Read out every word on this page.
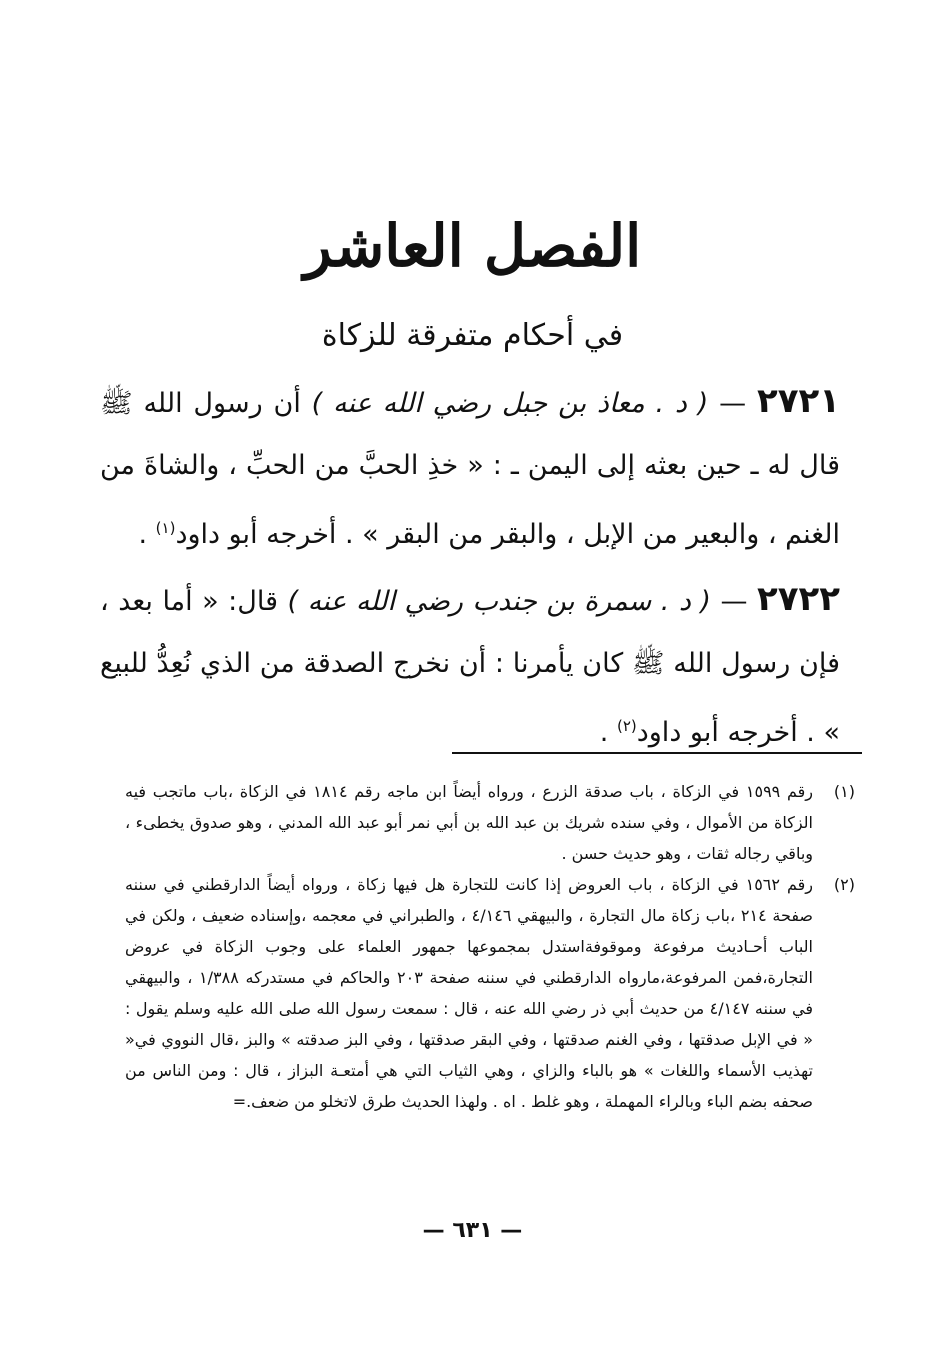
الفصل العاشر
في أحكام متفرقة للزكاة

٢٧٢١ — ( د . معاذ بن جبل رضي الله عنه ) أن رسول الله ﷺ قال له ـ حين بعثه إلى اليمن ـ : « خذِ الحبَّ من الحبِّ ، والشاةَ من الغنم ، والبعير من الإبل ، والبقر من البقر » . أخرجه أبو داود$^{(١)}$ .

٢٧٢٢ — ( د . سمرة بن جندب رضي الله عنه ) قال: « أما بعد ، فإن رسول الله ﷺ كان يأمرنا : أن نخرج الصدقة من الذي نُعِدُّ للبيع » . أخرجه أبو داود$^{(٢)}$ .

(١)
رقم ١٥٩٩ في الزكاة ، باب صدقة الزرع ، ورواه أيضاً ابن ماجه رقم ١٨١٤ في الزكاة ،باب ماتجب فيه الزكاة من الأموال ، وفي سنده شريك بن عبد الله بن أبي نمر أبو عبد الله المدني ، وهو صدوق يخطىء ، وباقي رجاله ثقات ، وهو حديث حسن .
(٢)
رقم ١٥٦٢ في الزكاة ، باب العروض إذا كانت للتجارة هل فيها زكاة ، ورواه أيضاً الدارقطني في سننه صفحة ٢١٤ ،باب زكاة مال التجارة ، والبيهقي ٤/١٤٦ ، والطبراني في معجمه ،وإسناده ضعيف ، ولكن في الباب أحـاديث مرفوعة وموقوفةاستدل بمجموعها جمهور العلماء على وجوب الزكاة في عروض التجارة،فمن المرفوعة،مارواه الدارقطني في سننه صفحة ٢٠٣ والحاكم في مستدركه ١/٣٨٨ ، والبيهقي في سننه ٤/١٤٧ من حديث أبي ذر رضي الله عنه ، قال : سمعت رسول الله صلى الله عليه وسلم يقول : « في الإبل صدقتها ، وفي الغنم صدقتها ، وفي البقر صدقتها ، وفي البز صدقته » والبز ،قال النووي في« تهذيب الأسماء واللغات » هو بالباء والزاي ، وهي الثياب التي هي أمتعـة البزاز ، قال : ومن الناس من صحفه بضم الباء وبالراء المهملة ، وهو غلط . اه . ولهذا الحديث طرق لاتخلو من ضعف.=
— ٦٣١ —
